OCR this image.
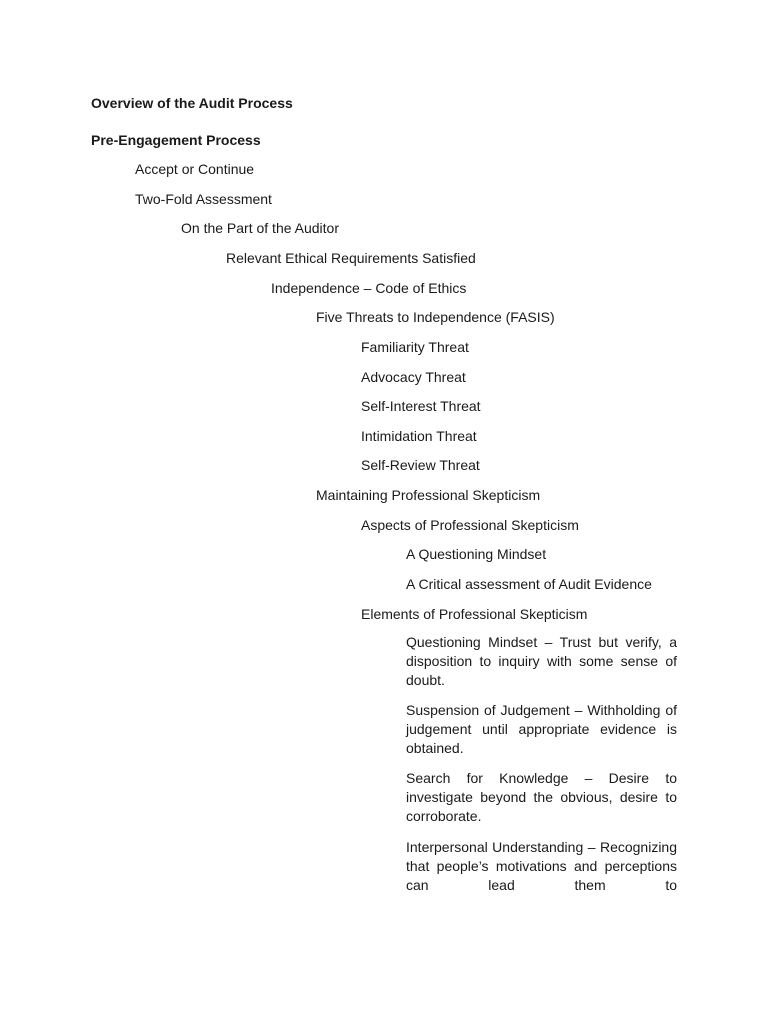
Overview of the Audit Process

Pre-Engagement Process

Accept or Continue

Two-Fold Assessment

On the Part of the Auditor

Relevant Ethical Requirements Satisfied

Independence – Code of Ethics

Five Threats to Independence (FASIS)

Familiarity Threat

Advocacy Threat

Self-Interest Threat

Intimidation Threat

Self-Review Threat

Maintaining Professional Skepticism

Aspects of Professional Skepticism

A Questioning Mindset

A Critical assessment of Audit Evidence

Elements of Professional Skepticism

Questioning Mindset – Trust but verify, a disposition to inquiry with some sense of doubt.

Suspension of Judgement – Withholding of judgement until appropriate evidence is obtained.

Search for Knowledge – Desire to investigate beyond the obvious, desire to corroborate.

Interpersonal Understanding – Recognizing that people’s motivations and perceptions can lead them to
